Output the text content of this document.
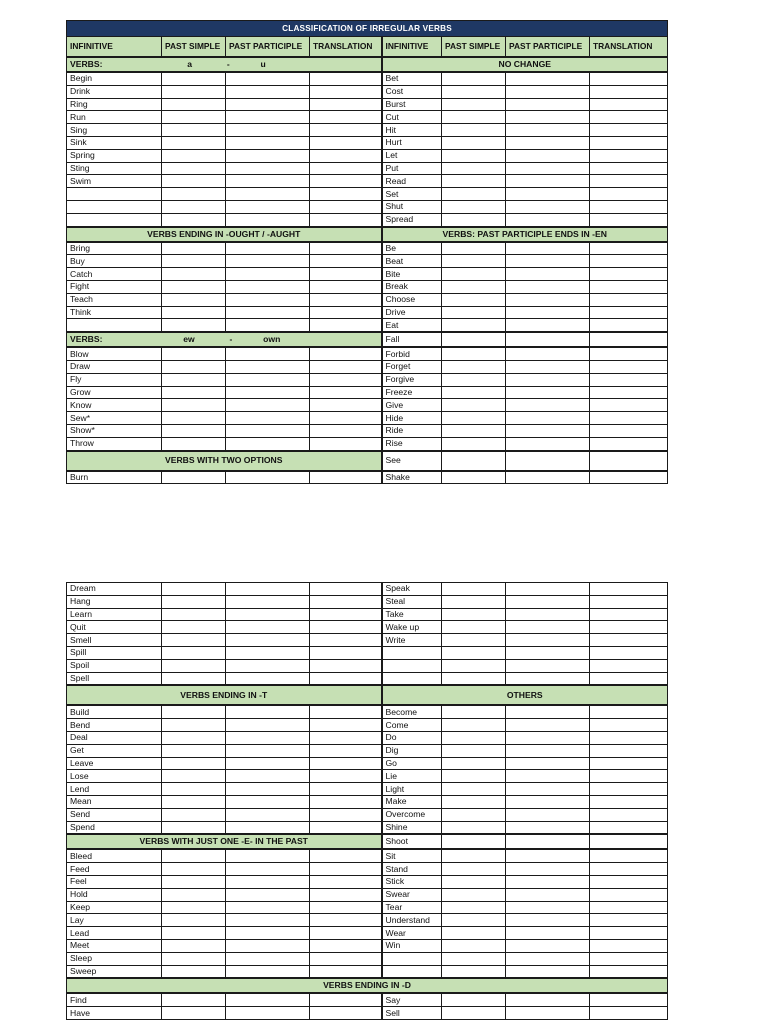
CLASSIFICATION OF IRREGULAR VERBS							
INFINITIVE	PAST SIMPLE	PAST PARTICIPLE	TRANSLATION	INFINITIVE	PAST SIMPLE	PAST PARTICIPLE	TRANSLATION
VERBS: a - u				NO CHANGE			
Begin				Bet			
Drink				Cost			
Ring				Burst			
Run				Cut			
Sing				Hit			
Sink				Hurt			
Spring				Let			
Sting				Put			
Swim				Read			
				Set			
				Shut			
				Spread			
VERBS ENDING IN -OUGHT / -AUGHT				VERBS: PAST PARTICIPLE ENDS IN -EN			
Bring				Be			
Buy				Beat			
Catch				Bite			
Fight				Break			
Teach				Choose			
Think				Drive			
				Eat			
VERBS: ew - own				Fall			
Blow				Forbid			
Draw				Forget			
Fly				Forgive			
Grow				Freeze			
Know				Give			
Sew*				Hide			
Show*				Ride			
Throw				Rise			
VERBS WITH TWO OPTIONS				See			
Burn				Shake			
Dream				Speak			
Hang				Steal			
Learn				Take			
Quit				Wake up			
Smell				Write			
Spill							
Spoil							
Spell							
VERBS ENDING IN -T				OTHERS			
Build				Become			
Bend				Come			
Deal				Do			
Get				Dig			
Leave				Go			
Lose				Lie			
Lend				Light			
Mean				Make			
Send				Overcome			
Spend				Shine			
VERBS WITH JUST ONE -E- IN THE PAST				Shoot			
Bleed				Sit			
Feed				Stand			
Feel				Stick			
Hold				Swear			
Keep				Tear			
Lay				Understand			
Lead				Wear			
Meet				Win			
Sleep							
Sweep							
VERBS ENDING IN -D							
Find				Say			
Have				Sell			
